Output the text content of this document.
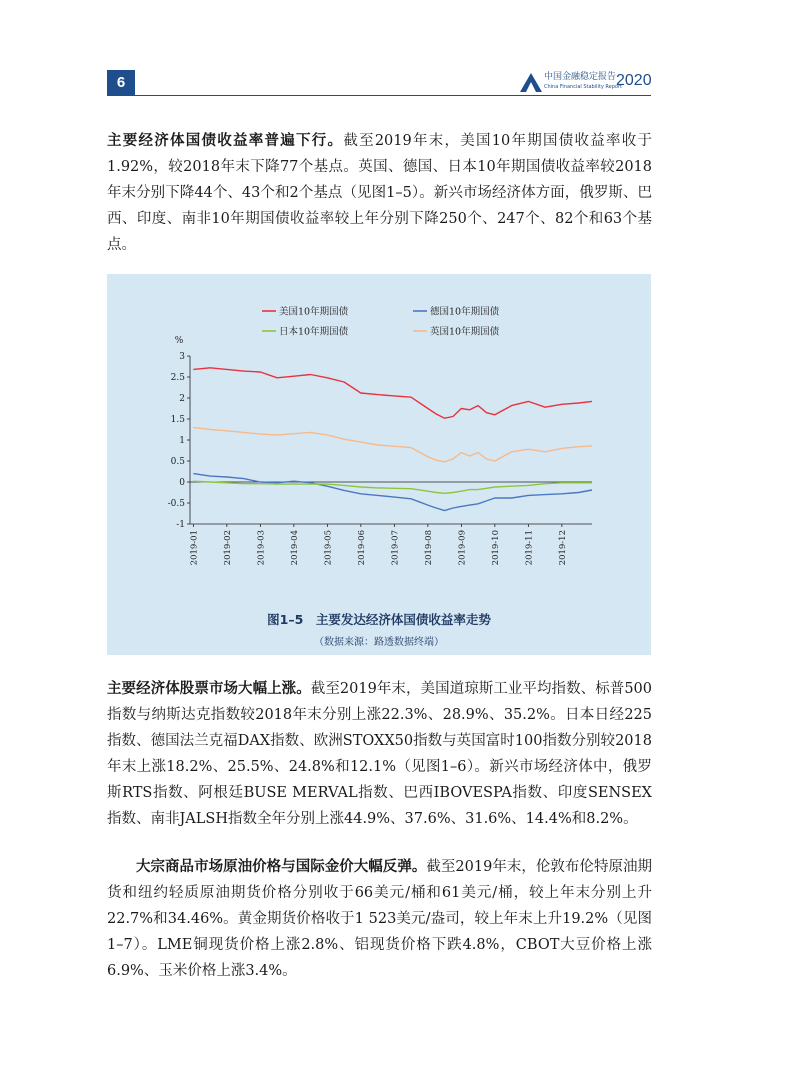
6	中国金融稳定报告
China Financial Stability Report
2020

主要经济体国债收益率普遍下行。截至2019年末，美国10年期国债收益率收于1.92%，较2018年末下降77个基点。英国、德国、日本10年期国债收益率较2018年末分别下降44个、43个和2个基点（见图1–5）。新兴市场经济体方面，俄罗斯、巴西、印度、南非10年期国债收益率较上年分别下降250个、247个、82个和63个基点。

美国10年期国债	德国10年期国债
日本10年期国债	英国10年期国债
%
3
2.5
2
1.5
1
0.5
0
-0.5
-1
2019-01	2019-02	2019-03	2019-04	2019-05	2019-06	2019-07	2019-08	2019-09	2019-10	2019-11	2019-12
图1–5　主要发达经济体国债收益率走势
（数据来源：路透数据终端）

主要经济体股票市场大幅上涨。截至2019年末，美国道琼斯工业平均指数、标普500指数与纳斯达克指数较2018年末分别上涨22.3%、28.9%、35.2%。日本日经225指数、德国法兰克福DAX指数、欧洲STOXX50指数与英国富时100指数分别较2018年末上涨18.2%、25.5%、24.8%和12.1%（见图1–6）。新兴市场经济体中，俄罗斯RTS指数、阿根廷BUSE MERVAL指数、巴西IBOVESPA指数、印度SENSEX指数、南非JALSH指数全年分别上涨44.9%、37.6%、31.6%、14.4%和8.2%。

大宗商品市场原油价格与国际金价大幅反弹。截至2019年末，伦敦布伦特原油期货和纽约轻质原油期货价格分别收于66美元/桶和61美元/桶，较上年末分别上升22.7%和34.46%。黄金期货价格收于1 523美元/盎司，较上年末上升19.2%（见图1–7）。LME铜现货价格上涨2.8%、铝现货价格下跌4.8%，CBOT大豆价格上涨6.9%、玉米价格上涨3.4%。
